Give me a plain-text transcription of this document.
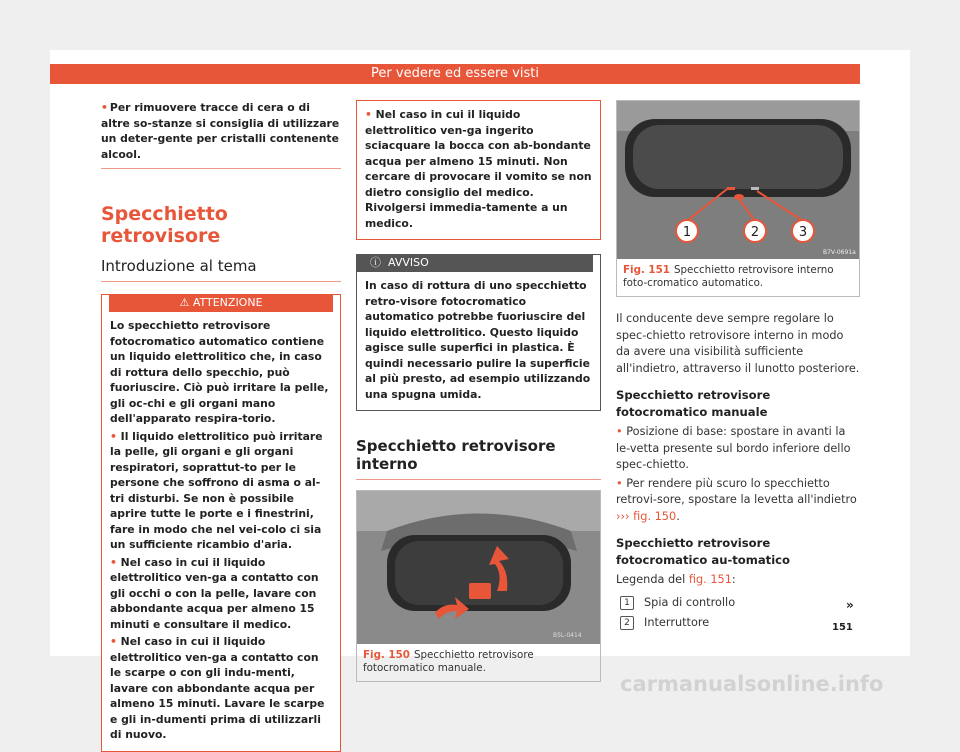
Per vedere ed essere visti
• Per rimuovere tracce di cera o di altre so-stanze si consiglia di utilizzare un deter-gente per cristalli contenente alcool.
Specchietto retrovisore
Introduzione al tema
⚠ ATTENZIONE
Lo specchietto retrovisore fotocromatico automatico contiene un liquido elettrolitico che, in caso di rottura dello specchio, può fuoriuscire. Ciò può irritare la pelle, gli oc-chi e gli organi mano dell'apparato respira-torio.
• Il liquido elettrolitico può irritare la pelle, gli organi e gli organi respiratori, soprattut-to per le persone che soffrono di asma o al-tri disturbi. Se non è possibile aprire tutte le porte e i finestrini, fare in modo che nel vei-colo ci sia un sufficiente ricambio d'aria.
• Nel caso in cui il liquido elettrolitico ven-ga a contatto con gli occhi o con la pelle, lavare con abbondante acqua per almeno 15 minuti e consultare il medico.
• Nel caso in cui il liquido elettrolitico ven-ga a contatto con le scarpe o con gli indu-menti, lavare con abbondante acqua per almeno 15 minuti. Lavare le scarpe e gli in-dumenti prima di utilizzarli di nuovo.
• Nel caso in cui il liquido elettrolitico ven-ga ingerito sciacquare la bocca con ab-bondante acqua per almeno 15 minuti. Non cercare di provocare il vomito se non dietro consiglio del medico. Rivolgersi immedia-tamente a un medico.
ⓘ  AVVISO
In caso di rottura di uno specchietto retro-visore fotocromatico automatico potrebbe fuoriuscire del liquido elettrolitico. Questo liquido agisce sulle superfici in plastica. È quindi necessario pulire la superficie al più presto, ad esempio utilizzando una spugna umida.
Specchietto retrovisore interno
B5L-0414
Fig. 150 Specchietto retrovisore fotocromatico manuale.
1	2	3
B7V-0691a
Fig. 151 Specchietto retrovisore interno foto-cromatico automatico.
Il conducente deve sempre regolare lo spec-chietto retrovisore interno in modo da avere una visibilità sufficiente all'indietro, attraverso il lunotto posteriore.
Specchietto retrovisore fotocromatico manuale
• Posizione di base: spostare in avanti la le-vetta presente sul bordo inferiore dello spec-chietto.
• Per rendere più scuro lo specchietto retrovi-sore, spostare la levetta all'indietro
››› fig. 150.
Specchietto retrovisore fotocromatico au-tomatico
Legenda del fig. 151:
1	Spia di controllo
2	Interruttore
»
151
carmanualsonline.info
